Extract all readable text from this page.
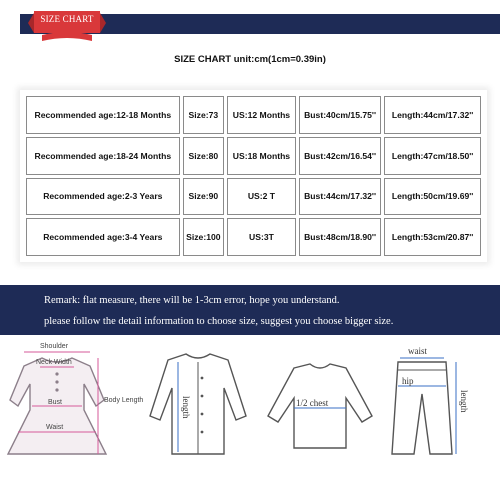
SIZE CHART
SIZE CHART unit:cm(1cm=0.39in)
Recommended age:12-18 Months	Size:73	US:12 Months	Bust:40cm/15.75''	Length:44cm/17.32''
Recommended age:18-24 Months	Size:80	US:18 Months	Bust:42cm/16.54''	Length:47cm/18.50''
Recommended age:2-3 Years	Size:90	US:2 T	Bust:44cm/17.32''	Length:50cm/19.69''
Recommended age:3-4 Years	Size:100	US:3T	Bust:48cm/18.90''	Length:53cm/20.87''
Remark: flat measure, there will be 1-3cm error, hope you understand.
please follow the detail information to choose size, suggest you choose bigger size.
Shoulder
Neck Width
Bust
Waist
Body Length	length	1/2 chest
waist
hip
length
